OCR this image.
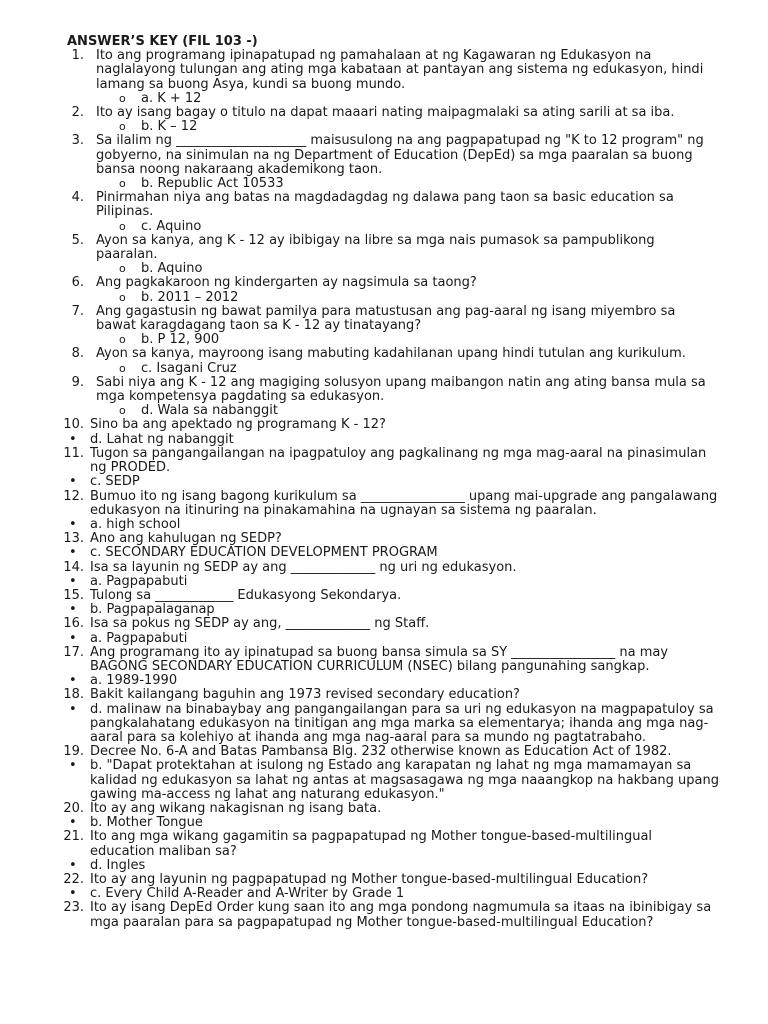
ANSWER’S KEY (FIL 103 -)
1. Ito ang programang ipinapatupad ng pamahalaan at ng Kagawaran ng Edukasyon na naglalayong tulungan ang ating mga kabataan at pantayan ang sistema ng edukasyon, hindi lamang sa buong Asya, kundi sa buong mundo.
o a. K + 12
2. Ito ay isang bagay o titulo na dapat maaari nating maipagmalaki sa ating sarili at sa iba.
o b. K – 12
3. Sa ilalim ng ____________________ maisusulong na ang pagpapatupad ng "K to 12 program" ng gobyerno, na sinimulan na ng Department of Education (DepEd) sa mga paaralan sa buong bansa noong nakaraang akademikong taon.
o b. Republic Act 10533
4. Pinirmahan niya ang batas na magdadagdag ng dalawa pang taon sa basic education sa Pilipinas.
o c. Aquino
5. Ayon sa kanya, ang K - 12 ay ibibigay na libre sa mga nais pumasok sa pampublikong paaralan.
o b. Aquino
6. Ang pagkakaroon ng kindergarten ay nagsimula sa taong?
o b. 2011 – 2012
7. Ang gagastusin ng bawat pamilya para matustusan ang pag-aaral ng isang miyembro sa bawat karagdagang taon sa K - 12 ay tinatayang?
o b. P 12, 900
8. Ayon sa kanya, mayroong isang mabuting kadahilanan upang hindi tutulan ang kurikulum.
o c. Isagani Cruz
9. Sabi niya ang K - 12 ang magiging solusyon upang maibangon natin ang ating bansa mula sa mga kompetensya pagdating sa edukasyon.
o d. Wala sa nabanggit
10. Sino ba ang apektado ng programang K - 12?
• d. Lahat ng nabanggit
11. Tugon sa pangangailangan na ipagpatuloy ang pagkalinang ng mga mag-aaral na pinasimulan ng PRODED.
• c. SEDP
12. Bumuo ito ng isang bagong kurikulum sa ________________ upang mai-upgrade ang pangalawang edukasyon na itinuring na pinakamahina na ugnayan sa sistema ng paaralan.
• a. high school
13. Ano ang kahulugan ng SEDP?
• c. SECONDARY EDUCATION DEVELOPMENT PROGRAM
14. Isa sa layunin ng SEDP ay ang _____________ ng uri ng edukasyon.
• a. Pagpapabuti
15. Tulong sa ____________ Edukasyong Sekondarya.
• b. Pagpapalaganap
16. Isa sa pokus ng SEDP ay ang, _____________ ng Staff.
• a. Pagpapabuti
17. Ang programang ito ay ipinatupad sa buong bansa simula sa SY ________________ na may BAGONG SECONDARY EDUCATION CURRICULUM (NSEC) bilang pangunahing sangkap.
• a. 1989-1990
18. Bakit kailangang baguhin ang 1973 revised secondary education?
• d. malinaw na binabaybay ang pangangailangan para sa uri ng edukasyon na magpapatuloy sa pangkalahatang edukasyon na tinitigan ang mga marka sa elementarya; ihanda ang mga nag-aaral para sa kolehiyo at ihanda ang mga nag-aaral para sa mundo ng pagtatrabaho.
19. Decree No. 6-A and Batas Pambansa Blg. 232 otherwise known as Education Act of 1982.
• b. "Dapat protektahan at isulong ng Estado ang karapatan ng lahat ng mga mamamayan sa kalidad ng edukasyon sa lahat ng antas at magsasagawa ng mga naaangkop na hakbang upang gawing ma-access ng lahat ang naturang edukasyon."
20. Ito ay ang wikang nakagisnan ng isang bata.
• b. Mother Tongue
21. Ito ang mga wikang gagamitin sa pagpapatupad ng Mother tongue-based-multilingual education maliban sa?
• d. Ingles
22. Ito ay ang layunin ng pagpapatupad ng Mother tongue-based-multilingual Education?
• c. Every Child A-Reader and A-Writer by Grade 1
23. Ito ay isang DepEd Order kung saan ito ang mga pondong nagmumula sa itaas na ibinibigay sa mga paaralan para sa pagpapatupad ng Mother tongue-based-multilingual Education?
